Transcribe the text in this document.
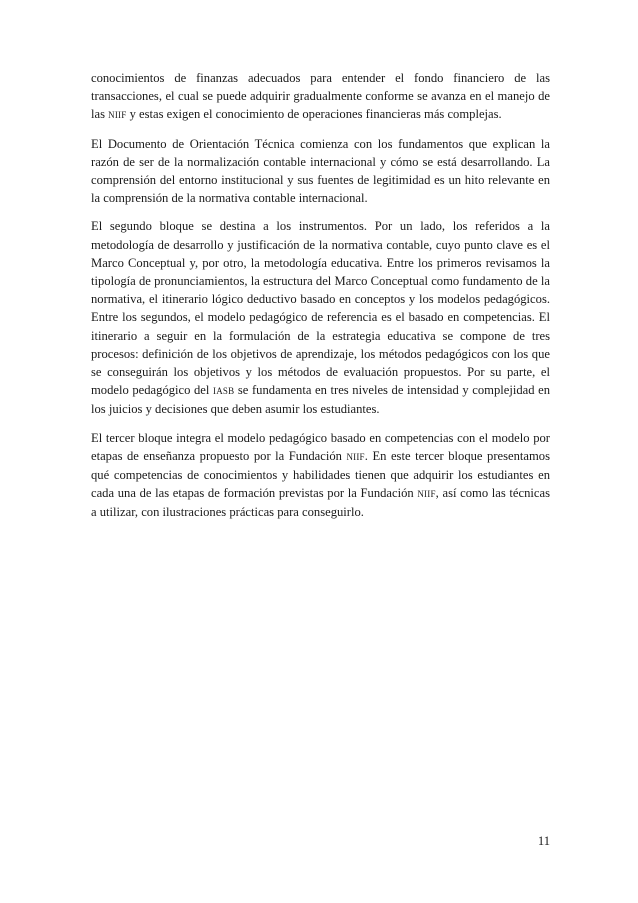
conocimientos de finanzas adecuados para entender el fondo financiero de las transacciones, el cual se puede adquirir gradualmente conforme se avanza en el manejo de las NIIF y estas exigen el conocimiento de operaciones financieras más complejas.

El Documento de Orientación Técnica comienza con los fundamentos que explican la razón de ser de la normalización contable internacional y cómo se está desarrollando. La comprensión del entorno institucional y sus fuentes de legitimidad es un hito relevante en la comprensión de la normativa contable internacional.

El segundo bloque se destina a los instrumentos. Por un lado, los referidos a la metodología de desarrollo y justificación de la normativa contable, cuyo punto clave es el Marco Conceptual y, por otro, la metodología educativa. Entre los primeros revisamos la tipología de pronunciamientos, la estructura del Marco Conceptual como fundamento de la normativa, el itinerario lógico deductivo basado en conceptos y los modelos pedagógicos. Entre los segundos, el modelo pedagógico de referencia es el basado en competencias. El itinerario a seguir en la formulación de la estrategia educativa se compone de tres procesos: definición de los objetivos de aprendizaje, los métodos pedagógicos con los que se conseguirán los objetivos y los métodos de evaluación propuestos. Por su parte, el modelo pedagógico del IASB se fundamenta en tres niveles de intensidad y complejidad en los juicios y decisiones que deben asumir los estudiantes.

El tercer bloque integra el modelo pedagógico basado en competencias con el modelo por etapas de enseñanza propuesto por la Fundación NIIF. En este tercer bloque presentamos qué competencias de conocimientos y habilidades tienen que adquirir los estudiantes en cada una de las etapas de formación previstas por la Fundación NIIF, así como las técnicas a utilizar, con ilustraciones prácticas para conseguirlo.

11
